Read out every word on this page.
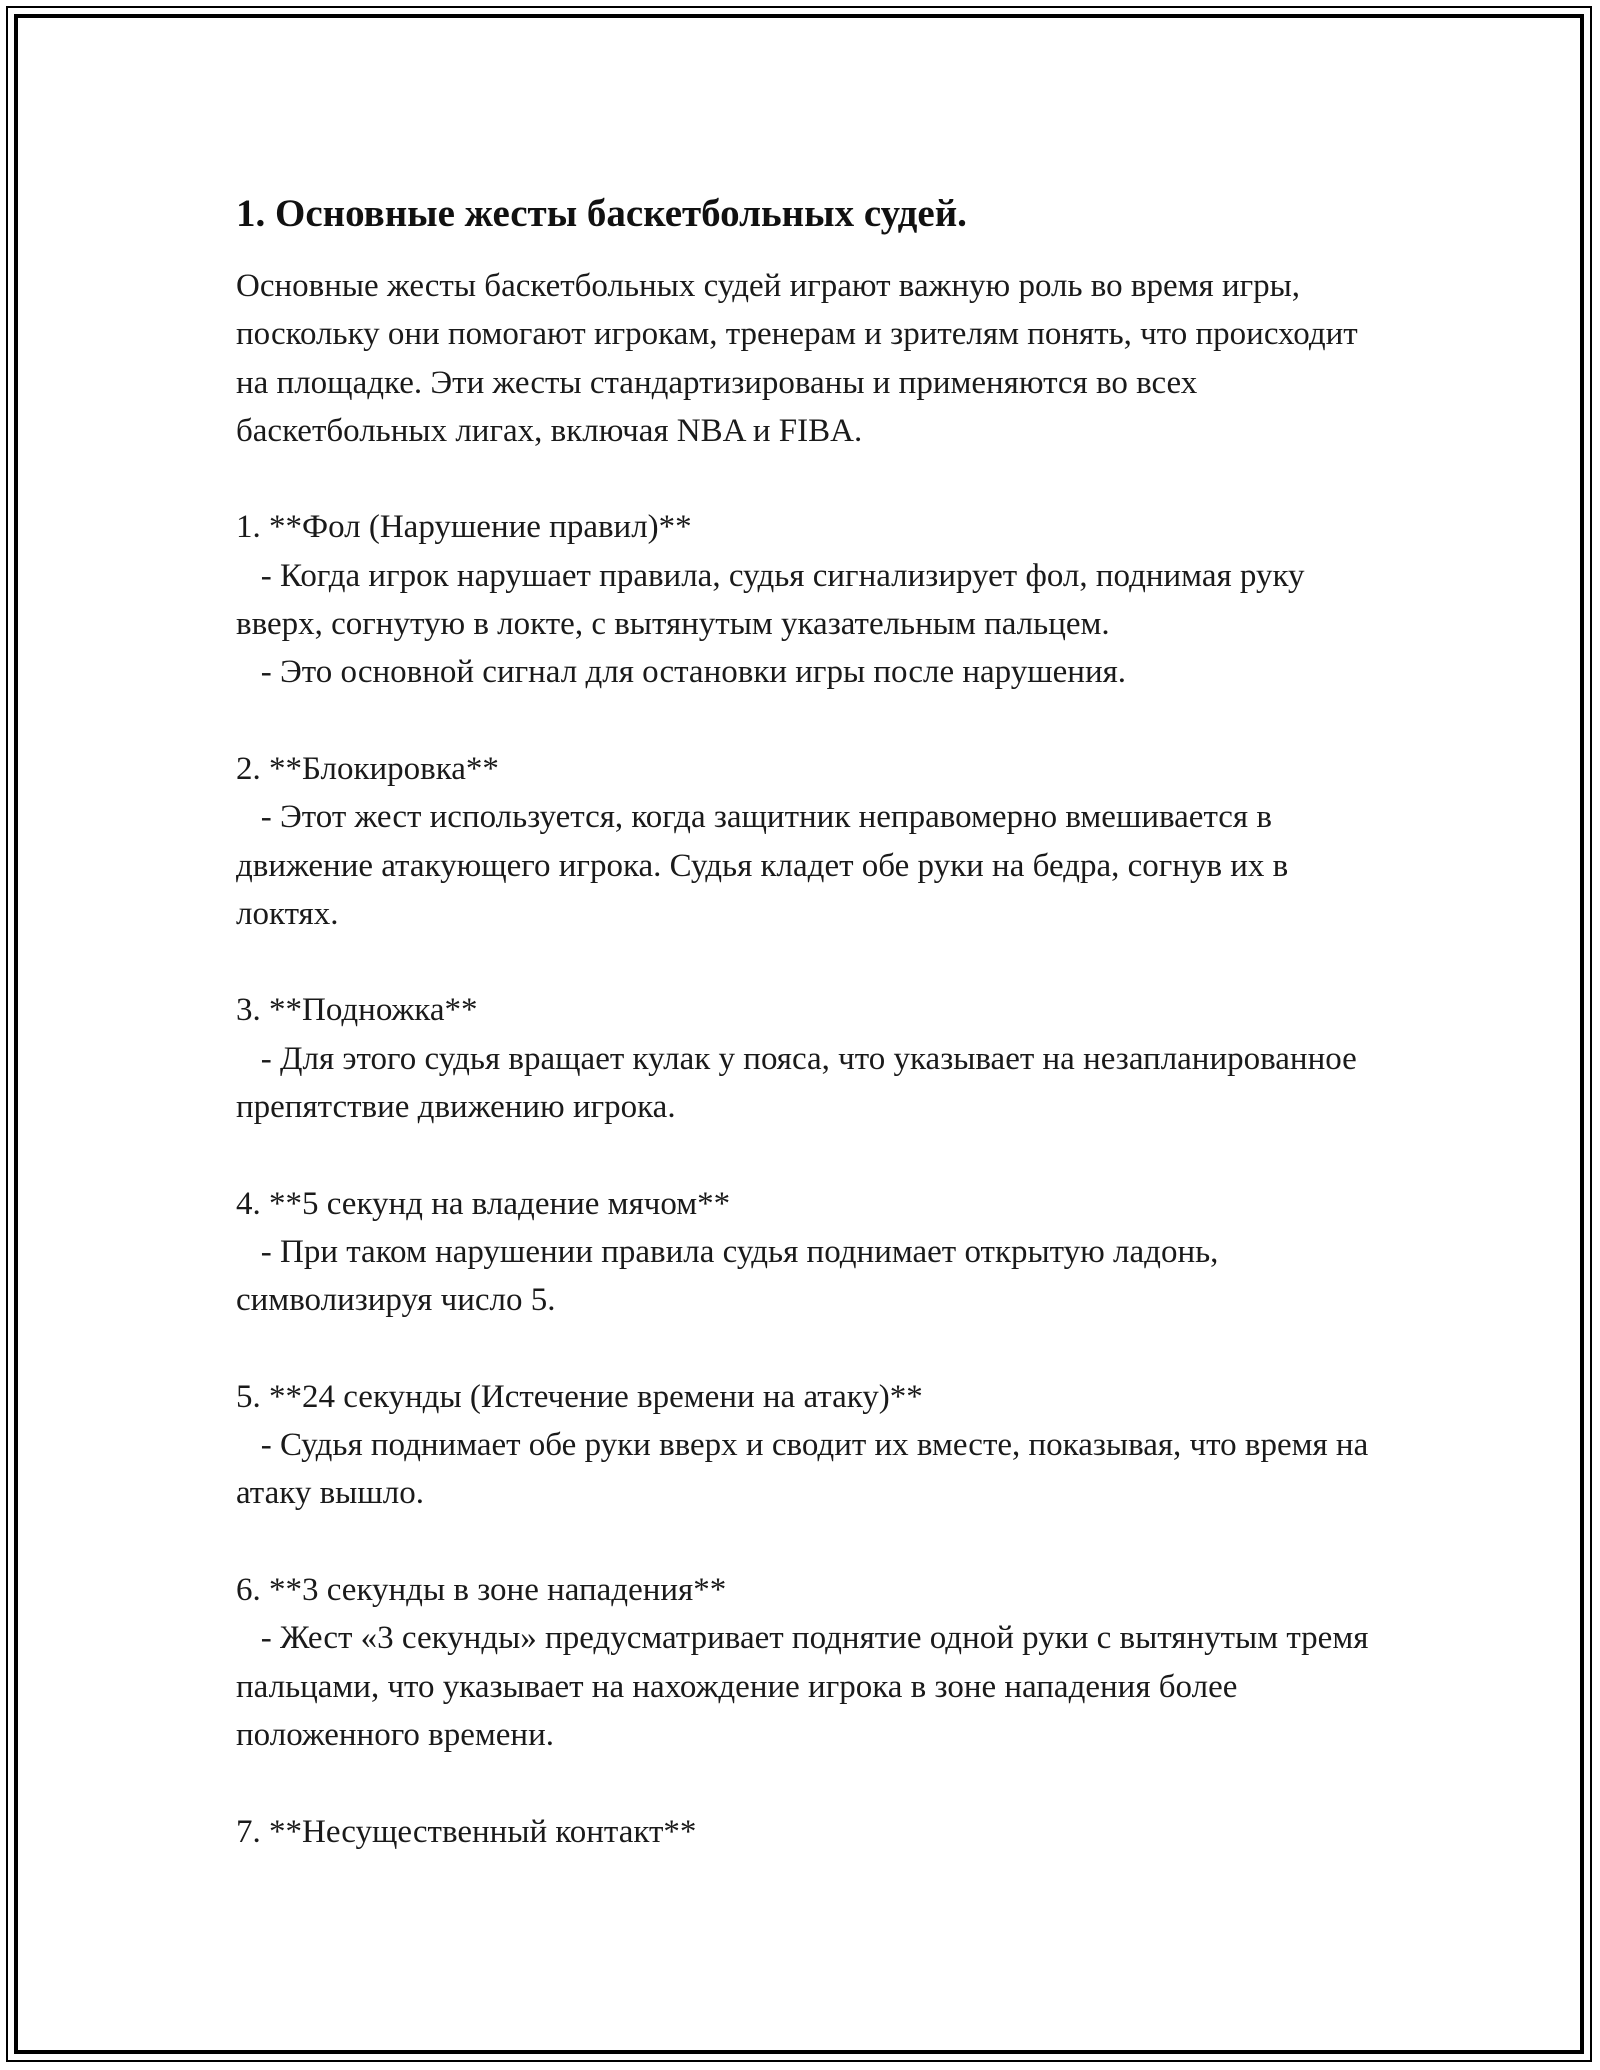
1. Основные жесты баскетбольных судей.

Основные жесты баскетбольных судей играют важную роль во время игры, поскольку они помогают игрокам, тренерам и зрителям понять, что происходит на площадке. Эти жесты стандартизированы и применяются во всех баскетбольных лигах, включая NBA и FIBA.

1. **Фол (Нарушение правил)**
- Когда игрок нарушает правила, судья сигнализирует фол, поднимая руку вверх, согнутую в локте, с вытянутым указательным пальцем.
- Это основной сигнал для остановки игры после нарушения.
2. **Блокировка**
- Этот жест используется, когда защитник неправомерно вмешивается в движение атакующего игрока. Судья кладет обе руки на бедра, согнув их в локтях.
3. **Подножка**
- Для этого судья вращает кулак у пояса, что указывает на незапланированное препятствие движению игрока.
4. **5 секунд на владение мячом**
- При таком нарушении правила судья поднимает открытую ладонь, символизируя число 5.
5. **24 секунды (Истечение времени на атаку)**
- Судья поднимает обе руки вверх и сводит их вместе, показывая, что время на атаку вышло.
6. **3 секунды в зоне нападения**
- Жест «3 секунды» предусматривает поднятие одной руки с вытянутым тремя пальцами, что указывает на нахождение игрока в зоне нападения более положенного времени.
7. **Несущественный контакт**
